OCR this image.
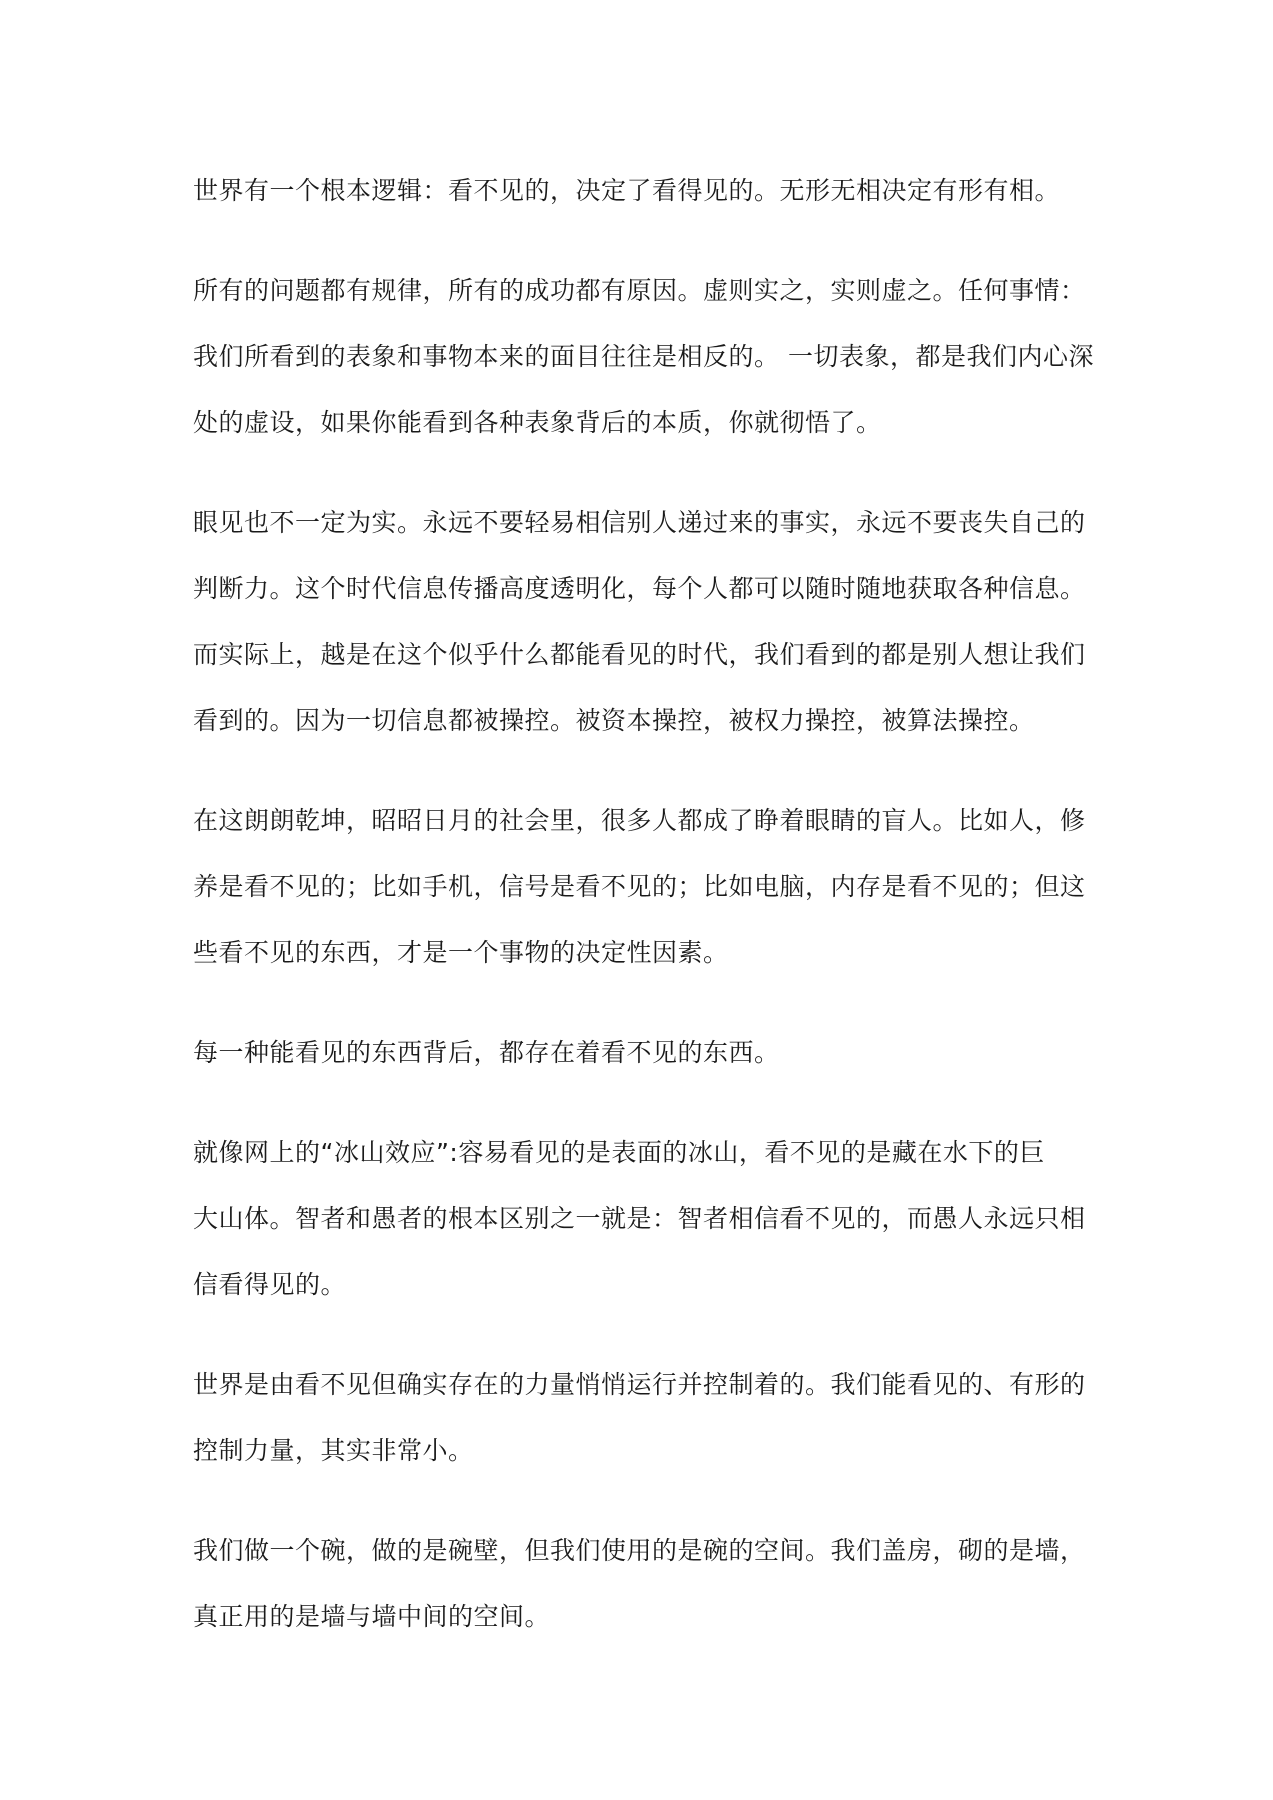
世界有一个根本逻辑：看不见的，决定了看得见的。无形无相决定有形有相。

所有的问题都有规律，所有的成功都有原因。虚则实之，实则虚之。任何事情：
我们所看到的表象和事物本来的面目往往是相反的。 一切表象，都是我们内心深
处的虚设，如果你能看到各种表象背后的本质，你就彻悟了。

眼见也不一定为实。永远不要轻易相信别人递过来的事实，永远不要丧失自己的
判断力。这个时代信息传播高度透明化，每个人都可以随时随地获取各种信息。
而实际上，越是在这个似乎什么都能看见的时代，我们看到的都是别人想让我们
看到的。因为一切信息都被操控。被资本操控，被权力操控，被算法操控。

在这朗朗乾坤，昭昭日月的社会里，很多人都成了睁着眼睛的盲人。比如人，修
养是看不见的；比如手机，信号是看不见的；比如电脑，内存是看不见的；但这
些看不见的东西，才是一个事物的决定性因素。

每一种能看见的东西背后，都存在着看不见的东西。

就像网上的“冰山效应”:容易看见的是表面的冰山，看不见的是藏在水下的巨
大山体。智者和愚者的根本区别之一就是：智者相信看不见的，而愚人永远只相
信看得见的。

世界是由看不见但确实存在的力量悄悄运行并控制着的。我们能看见的、有形的
控制力量，其实非常小。

我们做一个碗，做的是碗壁，但我们使用的是碗的空间。我们盖房，砌的是墙，
真正用的是墙与墙中间的空间。
